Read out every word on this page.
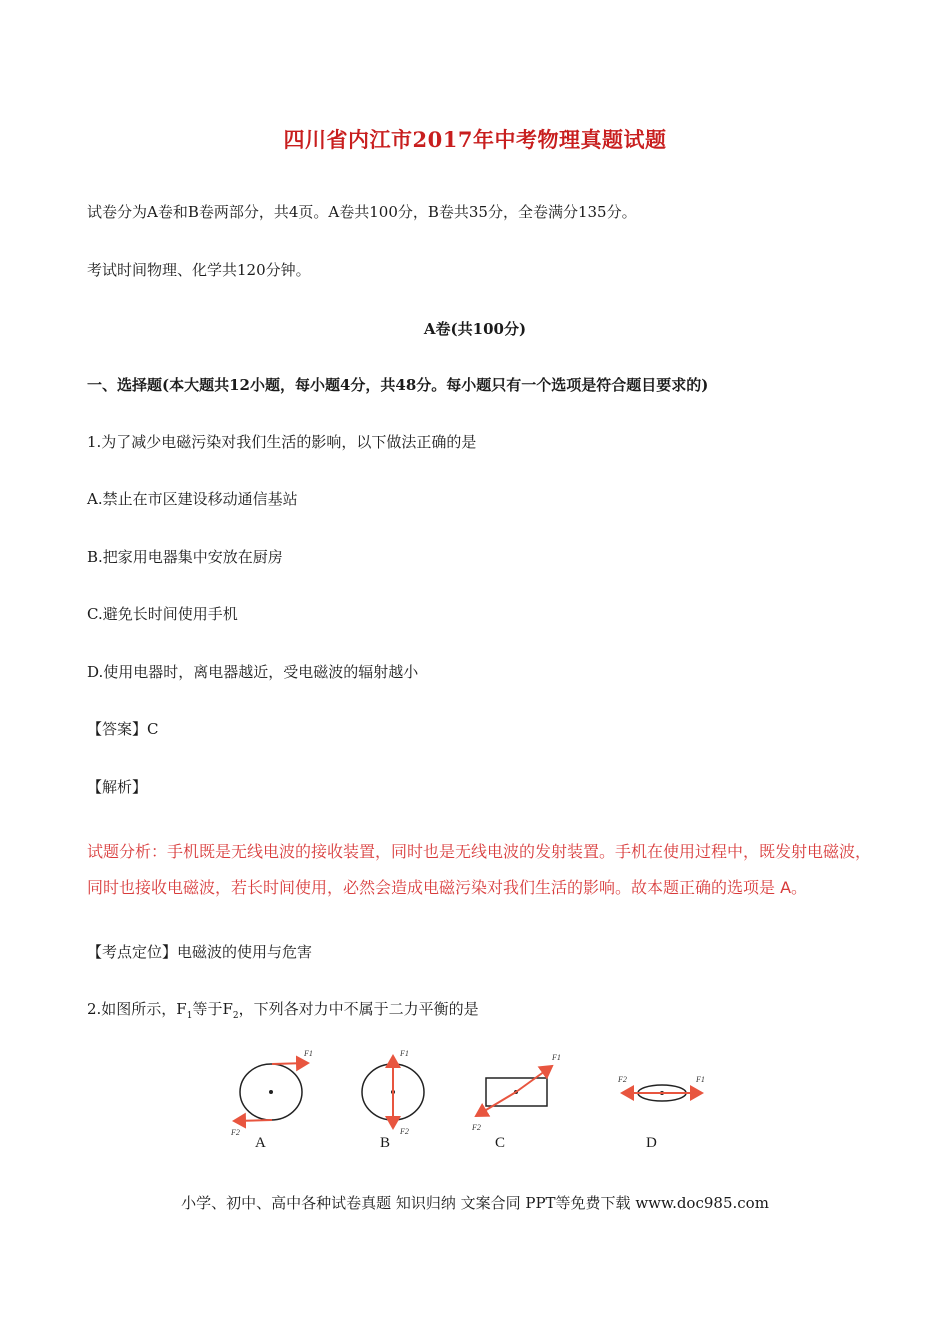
四川省内江市2017年中考物理真题试题
试卷分为A卷和B卷两部分，共4页。A卷共100分，B卷共35分，全卷满分135分。
考试时间物理、化学共120分钟。
A卷(共100分)
一、选择题(本大题共12小题，每小题4分，共48分。每小题只有一个选项是符合题目要求的)
1.为了减少电磁污染对我们生活的影响，以下做法正确的是
A.禁止在市区建设移动通信基站
B.把家用电器集中安放在厨房
C.避免长时间使用手机
D.使用电器时，离电器越近，受电磁波的辐射越小
【答案】C
【解析】
试题分析：手机既是无线电波的接收装置，同时也是无线电波的发射装置。手机在使用过程中，既发射电磁波，同时也接收电磁波，若长时间使用，必然会造成电磁污染对我们生活的影响。故本题正确的选项是 A。
【考点定位】电磁波的使用与危害
2.如图所示，$F_1$等于$F_2$，下列各对力中不属于二力平衡的是
F1
F2
A
F1
F2
B
F1
F2
C
F1
F2
D
小学、初中、高中各种试卷真题 知识归纳 文案合同 PPT等免费下载 www.doc985.com
